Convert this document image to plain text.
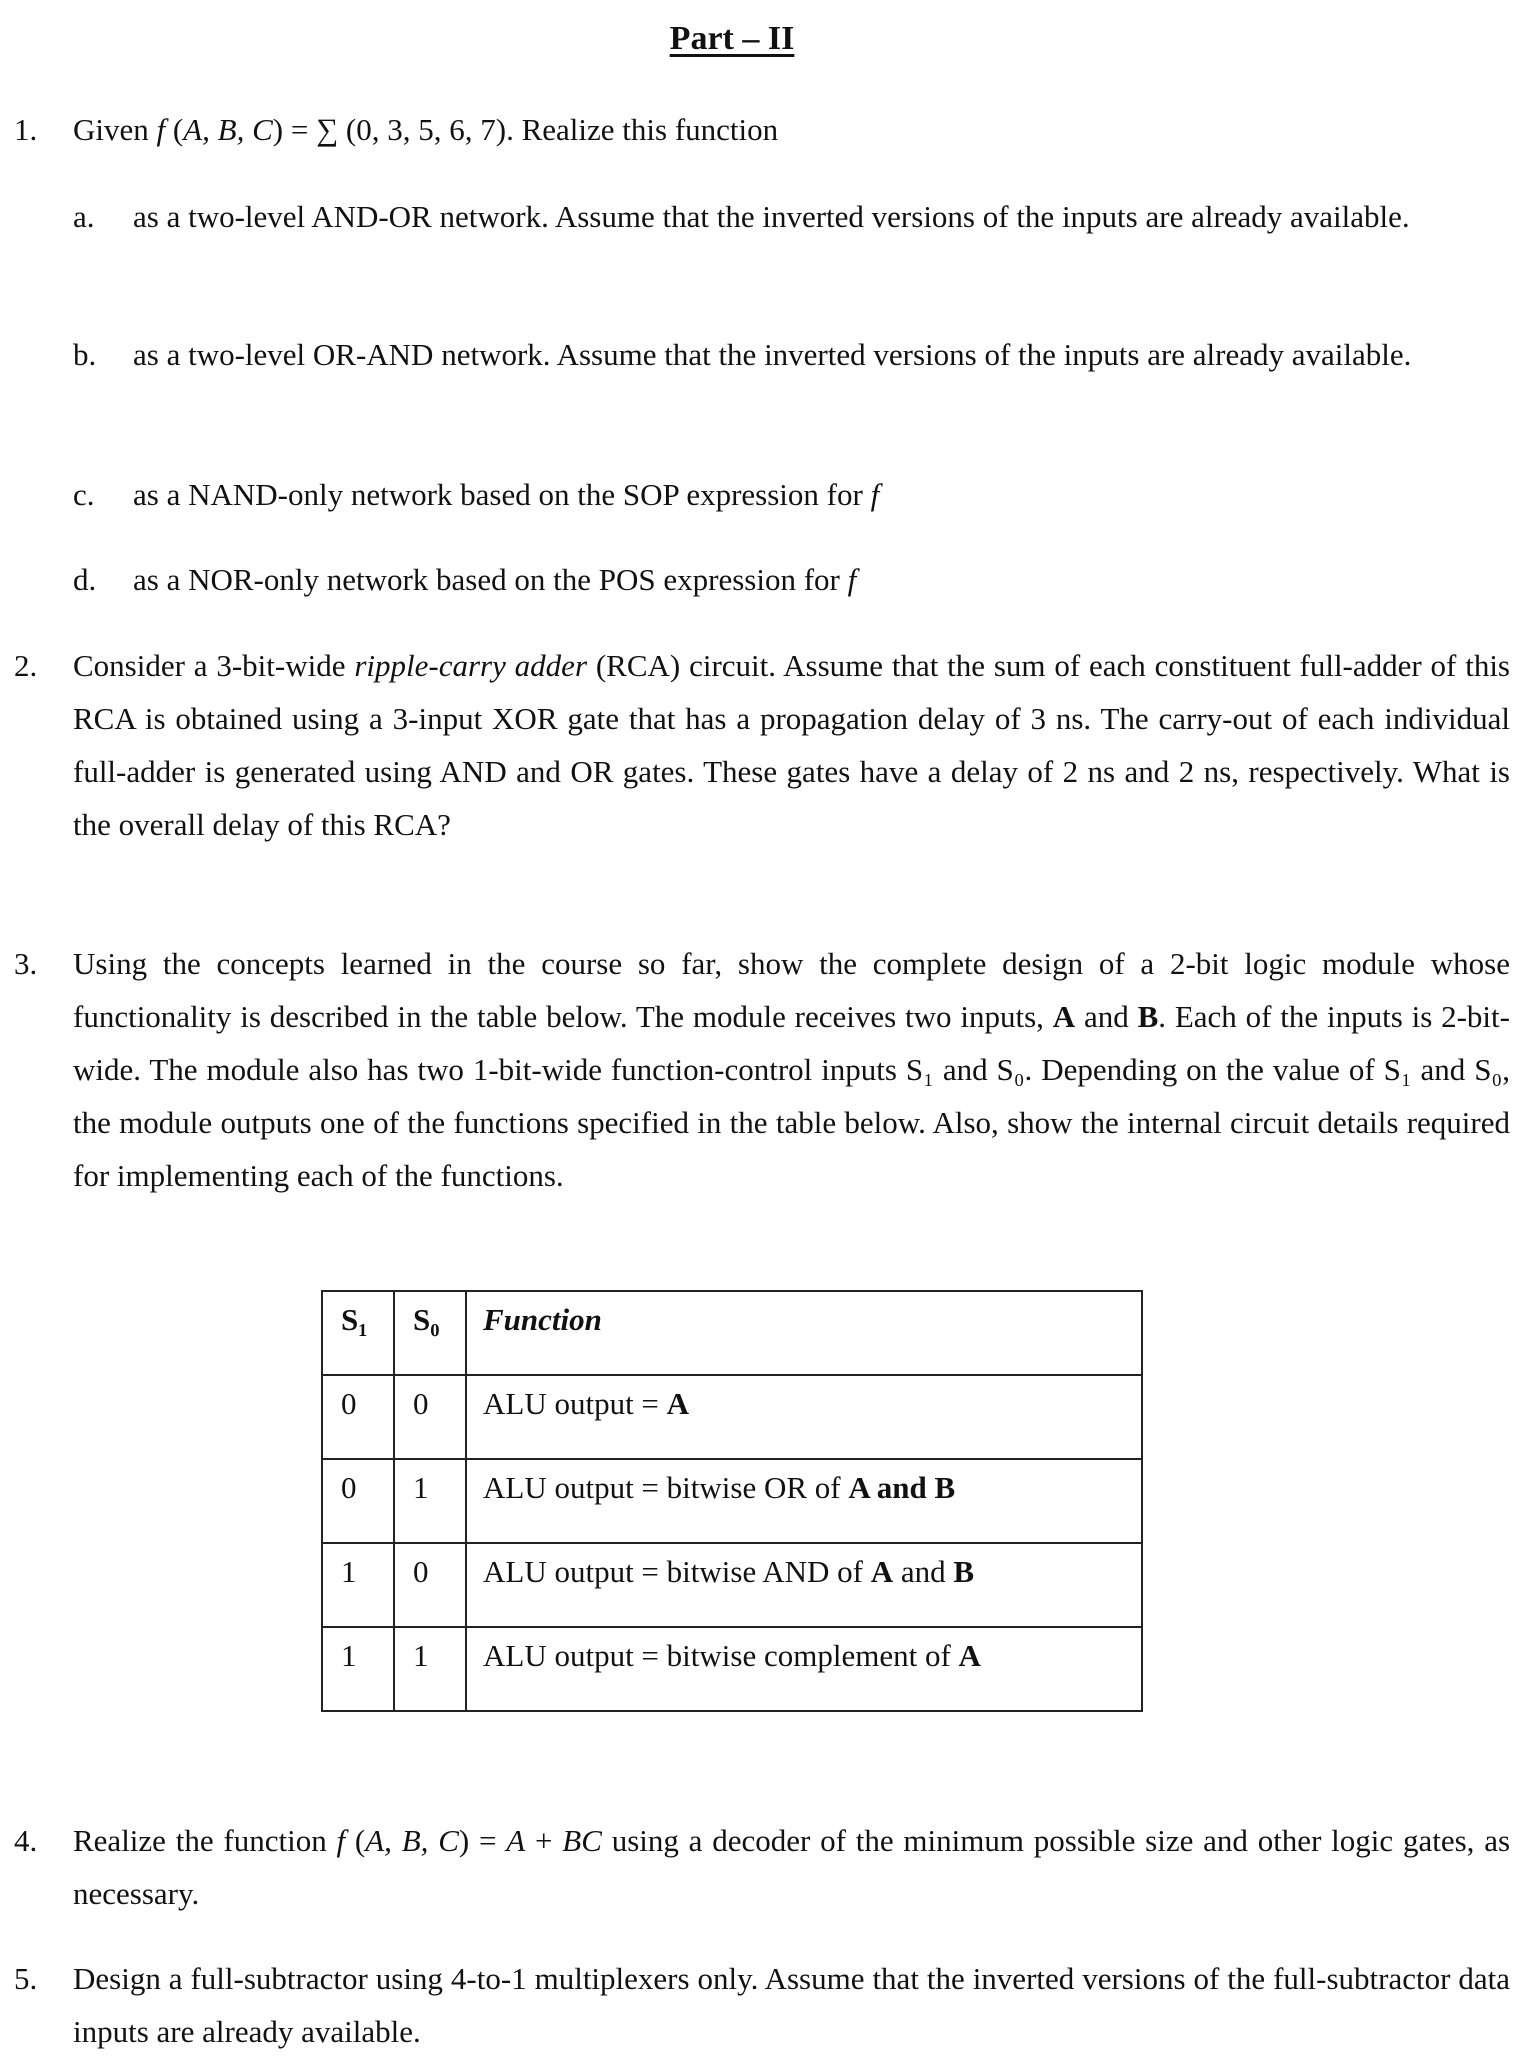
Part – II
1. Given f (A, B, C) = ∑ (0, 3, 5, 6, 7). Realize this function
a. as a two-level AND-OR network. Assume that the inverted versions of the inputs are already available.
b. as a two-level OR-AND network. Assume that the inverted versions of the inputs are already available.
c. as a NAND-only network based on the SOP expression for f
d. as a NOR-only network based on the POS expression for f
2. Consider a 3-bit-wide ripple-carry adder (RCA) circuit. Assume that the sum of each constituent full-adder of this RCA is obtained using a 3-input XOR gate that has a propagation delay of 3 ns. The carry-out of each individual full-adder is generated using AND and OR gates. These gates have a delay of 2 ns and 2 ns, respectively. What is the overall delay of this RCA?
3. Using the concepts learned in the course so far, show the complete design of a 2-bit logic module whose functionality is described in the table below. The module receives two inputs, A and B. Each of the inputs is 2-bit-wide. The module also has two 1-bit-wide function-control inputs S₁ and S₀. Depending on the value of S₁ and S₀, the module outputs one of the functions specified in the table below. Also, show the internal circuit details required for implementing each of the functions.
S₁	S₀	Function
0	0	ALU output = A
0	1	ALU output = bitwise OR of A and B
1	0	ALU output = bitwise AND of A and B
1	1	ALU output = bitwise complement of A
4. Realize the function f (A, B, C) = A + BC using a decoder of the minimum possible size and other logic gates, as necessary.
5. Design a full-subtractor using 4-to-1 multiplexers only. Assume that the inverted versions of the full-subtractor data inputs are already available.
